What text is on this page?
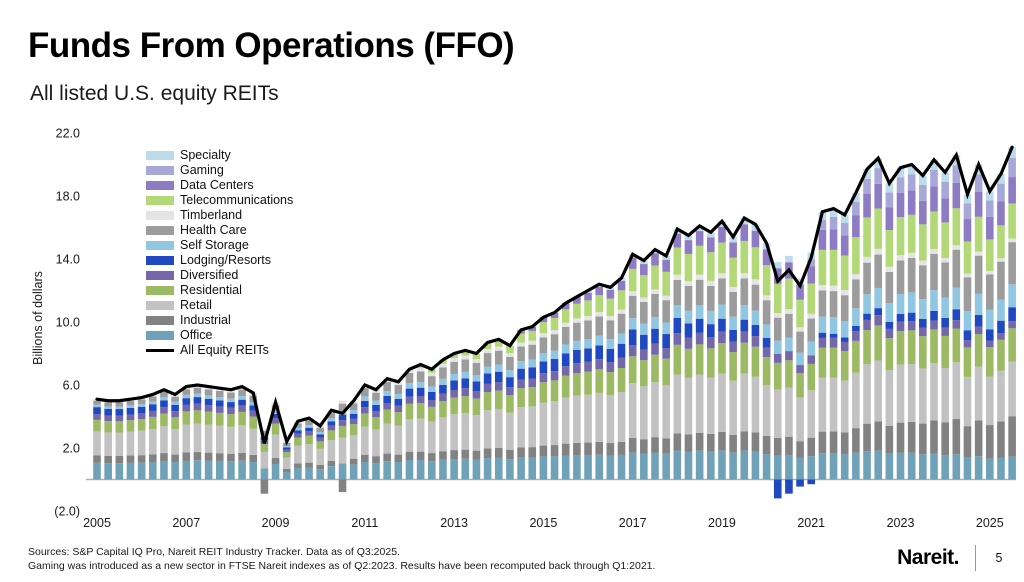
Funds From Operations (FFO)
All listed U.S. equity REITs
22.0
18.0
14.0
10.0
6.0
2.0
(2.0)
2005	2007	2009	2011	2013	2015	2017	2019	2021	2023	2025
Billions of dollars
Specialty
Gaming
Data Centers
Telecommunications
Timberland
Health Care
Self Storage
Lodging/Resorts
Diversified
Residential
Retail
Industrial
Office
All Equity REITs
Sources: S&P Capital IQ Pro, Nareit REIT Industry Tracker. Data as of Q3:2025.
Gaming was introduced as a new sector in FTSE Nareit indexes as of Q2:2023. Results have been recomputed back through Q1:2021.	Nareit.	5
